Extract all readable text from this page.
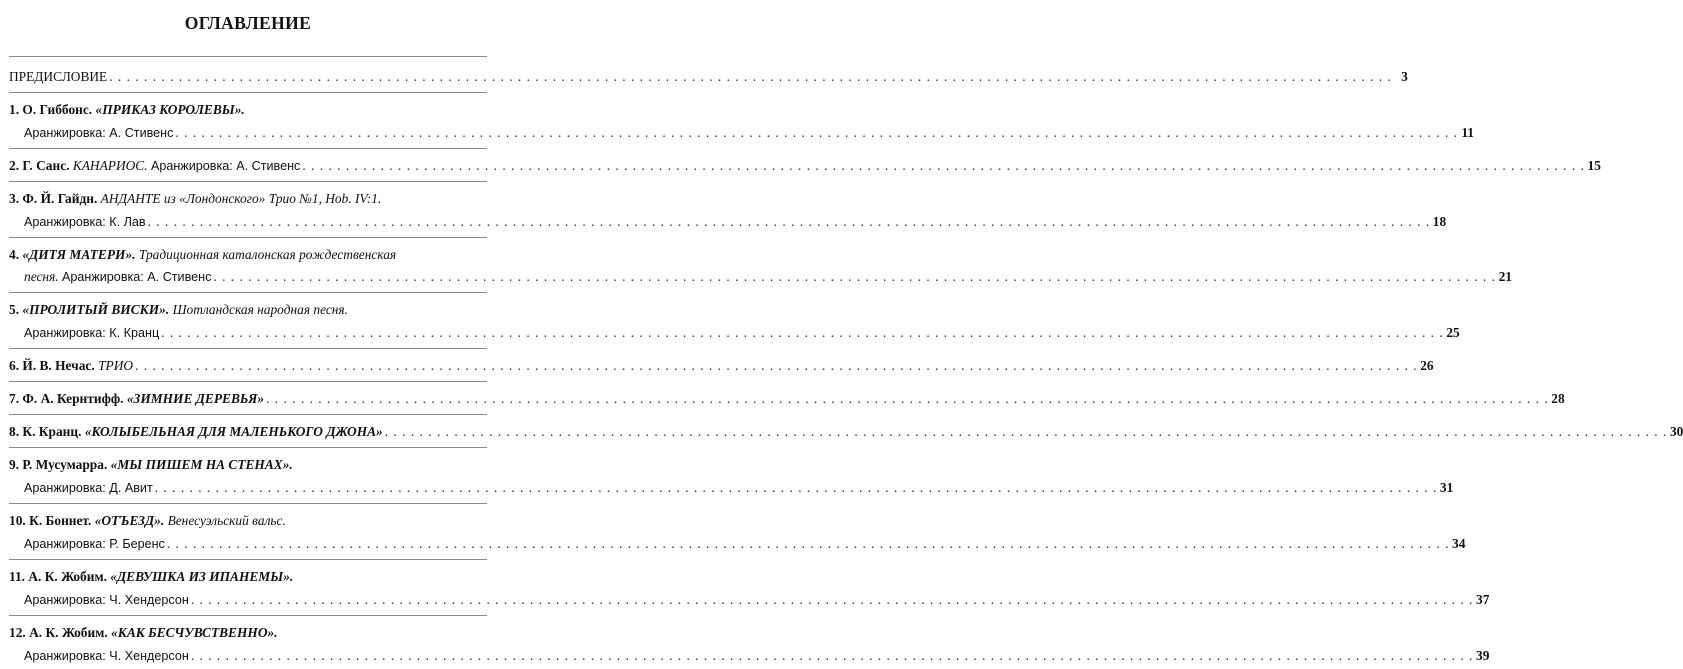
ОГЛАВЛЕНИЕ
ПРЕДИСЛОВИЕ . . .	3
1. О. Гиббонс. «ПРИКАЗ КОРОЛЕВЫ».
Аранжировка: А. Стивенс . . .	11
2. Г. Санс. КАНАРИОС. Аранжировка: А. Стивенс . . .	15
3. Ф. Й. Гайдн. АНДАНТЕ из «Лондонского» Трио №1, Hob. IV:1.
Аранжировка: К. Лав . . .	18
4. «ДИТЯ МАТЕРИ». Традиционная каталонская рождественская
песня. Аранжировка: А. Стивенс . . .	21
5. «ПРОЛИТЫЙ ВИСКИ». Шотландская народная песня.
Аранжировка: К. Кранц . . .	25
6. Й. В. Нечас. ТРИО . . .	26
7. Ф. А. Кернтифф. «ЗИМНИЕ ДЕРЕВЬЯ» . . .	28
8. К. Кранц. «КОЛЫБЕЛЬНАЯ ДЛЯ МАЛЕНЬКОГО ДЖОНА» . . .	30
9. Р. Мусумарра. «МЫ ПИШЕМ НА СТЕНАХ».
Аранжировка: Д. Авит . . .	31
10. К. Боннет. «ОТЪЕЗД». Венесуэльский вальс.
Аранжировка: Р. Беренс . . .	34
11. А. К. Жобим. «ДЕВУШКА ИЗ ИПАНЕМЫ».
Аранжировка: Ч. Хендерсон . . .	37
12. А. К. Жобим. «КАК БЕСЧУВСТВЕННО».
Аранжировка: Ч. Хендерсон . . .	39
